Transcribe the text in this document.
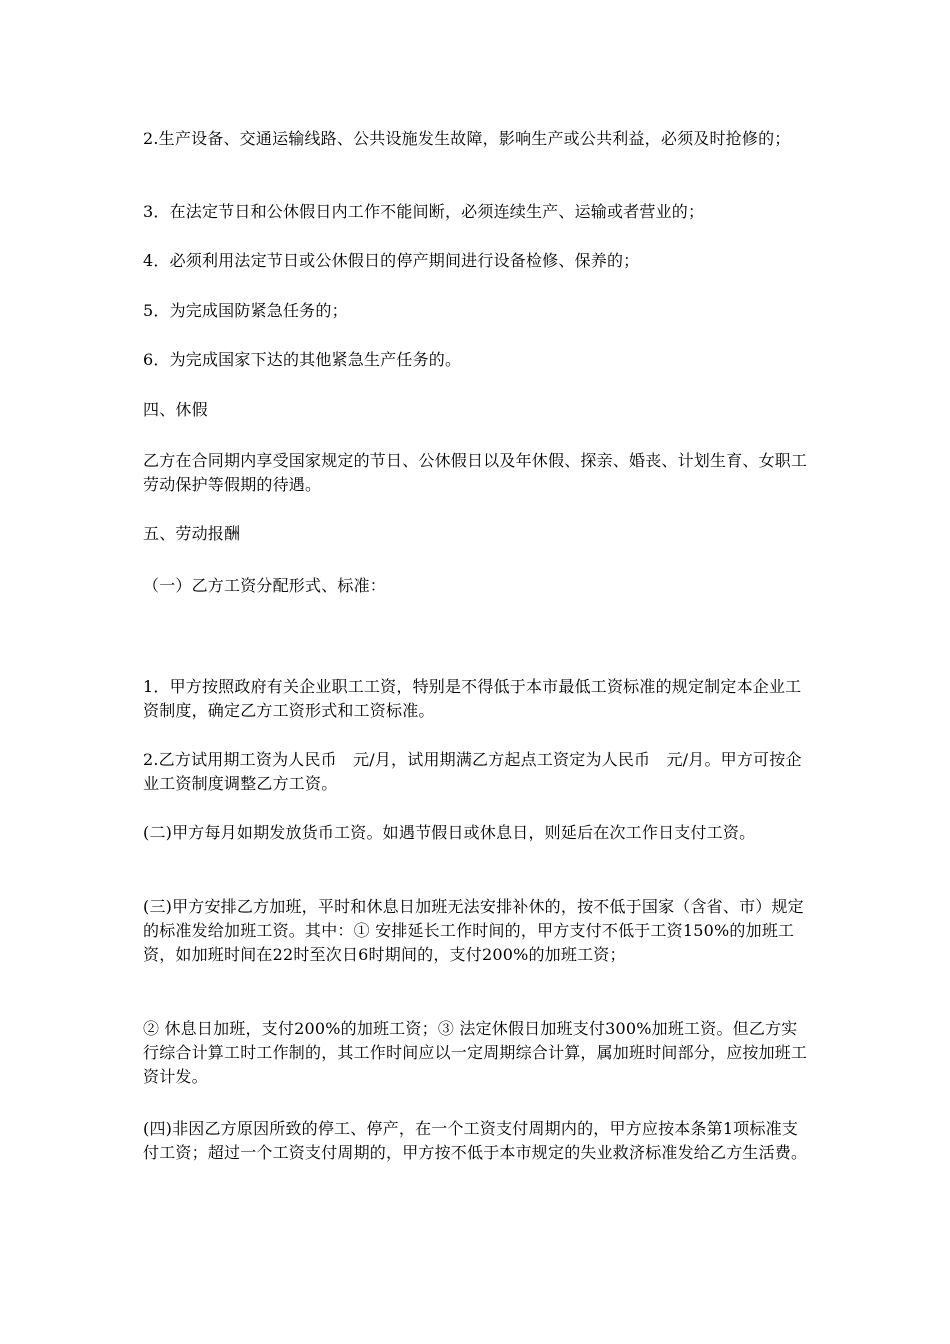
2.生产设备、交通运输线路、公共设施发生故障，影响生产或公共利益，必须及时抢修的；

3．在法定节日和公休假日内工作不能间断，必须连续生产、运输或者营业的；

4．必须利用法定节日或公休假日的停产期间进行设备检修、保养的；

5．为完成国防紧急任务的；

6．为完成国家下达的其他紧急生产任务的。

四、休假

乙方在合同期内享受国家规定的节日、公休假日以及年休假、探亲、婚丧、计划生育、女职工劳动保护等假期的待遇。

五、劳动报酬

（一）乙方工资分配形式、标准：

1．甲方按照政府有关企业职工工资，特别是不得低于本市最低工资标准的规定制定本企业工资制度，确定乙方工资形式和工资标准。

2.乙方试用期工资为人民币　元/月，试用期满乙方起点工资定为人民币　元/月。甲方可按企业工资制度调整乙方工资。

(二)甲方每月如期发放货币工资。如遇节假日或休息日，则延后在次工作日支付工资。

(三)甲方安排乙方加班，平时和休息日加班无法安排补休的，按不低于国家（含省、市）规定的标准发给加班工资。其中：① 安排延长工作时间的，甲方支付不低于工资150%的加班工资，如加班时间在22时至次日6时期间的，支付200%的加班工资；

② 休息日加班，支付200%的加班工资；③ 法定休假日加班支付300%加班工资。但乙方实行综合计算工时工作制的，其工作时间应以一定周期综合计算，属加班时间部分，应按加班工资计发。

(四)非因乙方原因所致的停工、停产，在一个工资支付周期内的，甲方应按本条第1项标准支付工资；超过一个工资支付周期的，甲方按不低于本市规定的失业救济标准发给乙方生活费。
